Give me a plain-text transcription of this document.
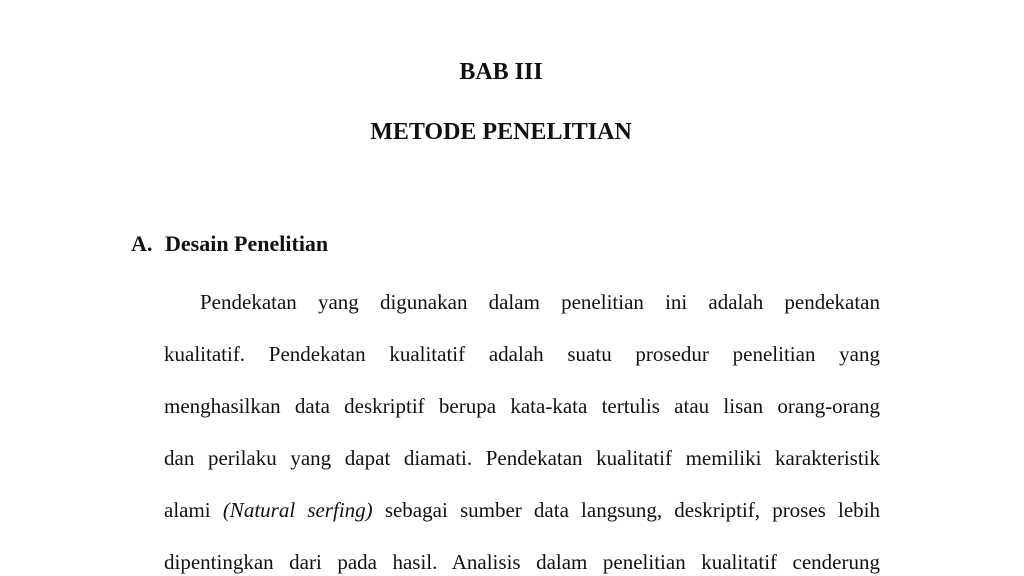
BAB III
METODE PENELITIAN
A. Desain Penelitian
Pendekatan yang digunakan dalam penelitian ini adalah pendekatan
kualitatif. Pendekatan kualitatif adalah suatu prosedur penelitian yang
menghasilkan data deskriptif berupa kata-kata tertulis atau lisan orang-orang
dan perilaku yang dapat diamati. Pendekatan kualitatif memiliki karakteristik
alami (Natural serfing) sebagai sumber data langsung, deskriptif, proses lebih
dipentingkan dari pada hasil. Analisis dalam penelitian kualitatif cenderung
